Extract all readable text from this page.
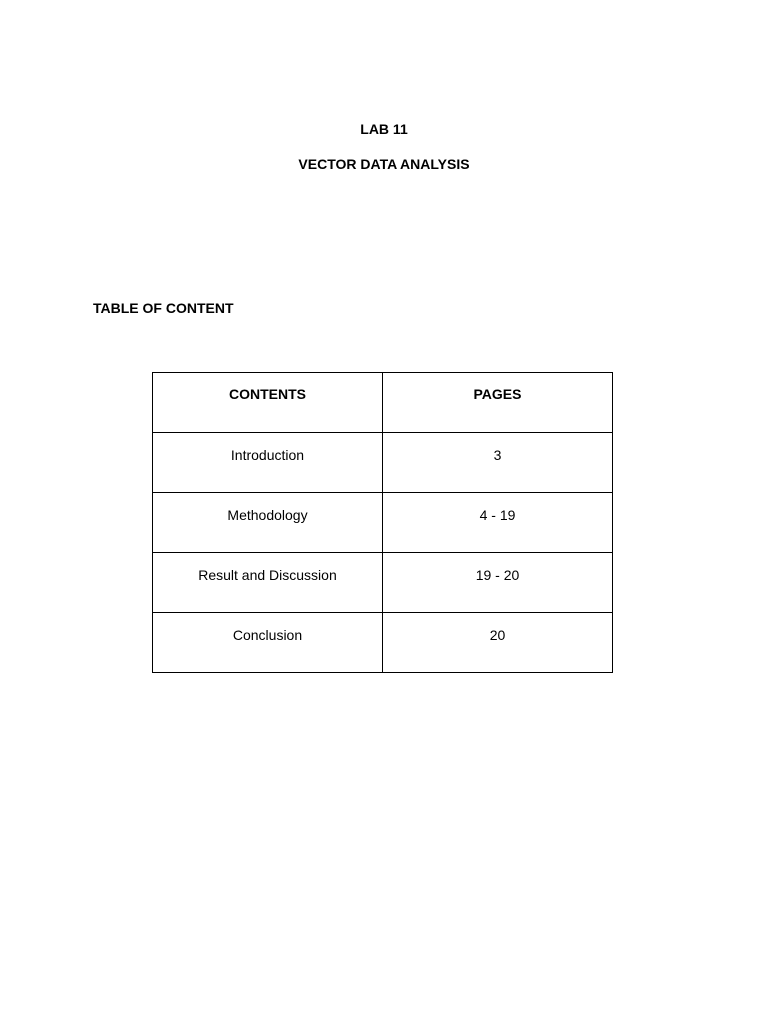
LAB 11
VECTOR DATA ANALYSIS
TABLE OF CONTENT
CONTENTS	PAGES
Introduction	3
Methodology	4 - 19
Result and Discussion	19 - 20
Conclusion	20
